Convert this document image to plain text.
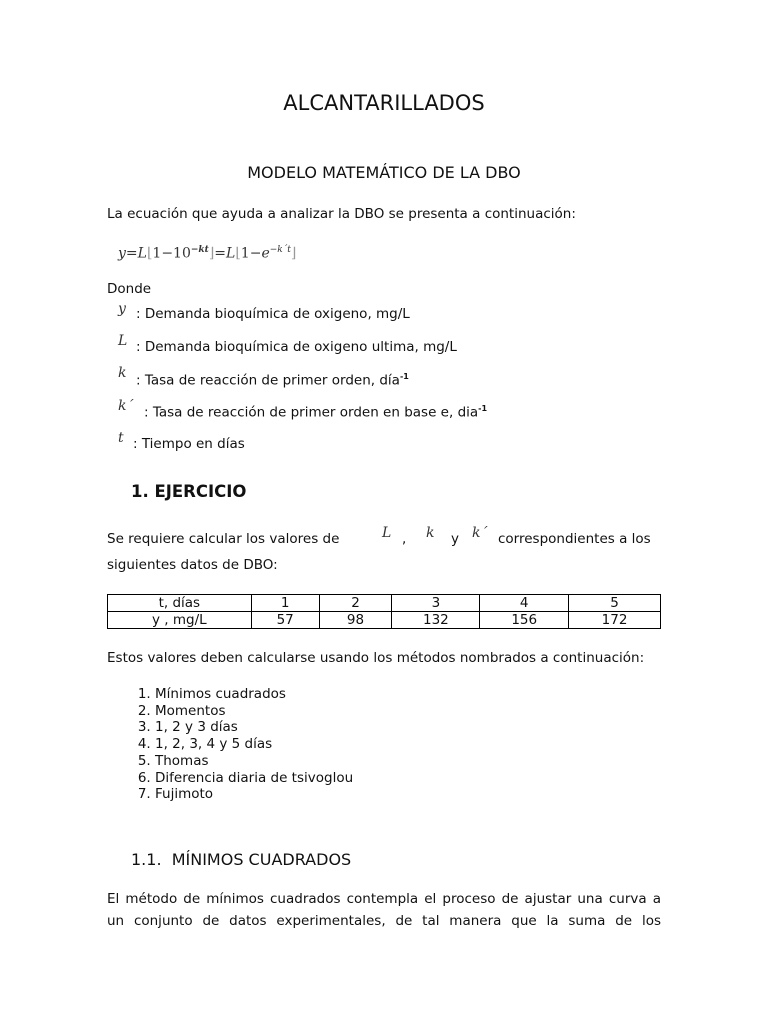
ALCANTARILLADOS
MODELO MATEMÁTICO DE LA DBO
La ecuación que ayuda a analizar la DBO se presenta a continuación:
$y=L⌊1-10^{-kt}⌋=L⌊1-e^{-k´t}⌋$
Donde
y : Demanda bioquímica de oxigeno, mg/L
L : Demanda bioquímica de oxigeno ultima, mg/L
k : Tasa de reacción de primer orden, día$^{-1}$
k´ : Tasa de reacción de primer orden en base e, dia$^{-1}$
t : Tiempo en días
1. EJERCICIO
Se requiere calcular los valores de	L , k y k´ correspondientes a los
siguientes datos de DBO:
t, días	1	2	3	4	5
y , mg/L	57	98	132	156	172
Estos valores deben calcularse usando los métodos nombrados a continuación:
1. Mínimos cuadrados
2. Momentos
3. 1, 2 y 3 días
4. 1, 2, 3, 4 y 5 días
5. Thomas
6. Diferencia diaria de tsivoglou
7. Fujimoto
1.1. MÍNIMOS CUADRADOS
El método de mínimos cuadrados contempla el proceso de ajustar una curva a
un conjunto de datos experimentales, de tal manera que la suma de los
